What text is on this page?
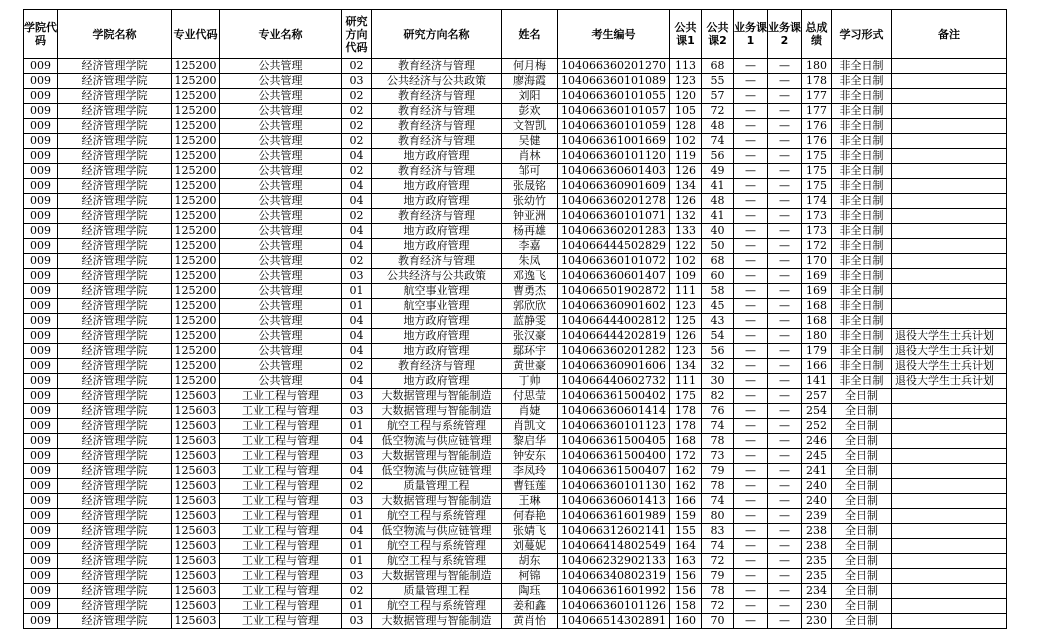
学院代码	学院名称	专业代码	专业名称	研究方向代码	研究方向名称	姓名	考生编号	公共课1	公共课2	业务课1	业务课2	总成绩	学习形式	备注
009	经济管理学院	125200	公共管理	02	教育经济与管理	何月梅	104066360201270	113	68	—	—	180	非全日制	
009	经济管理学院	125200	公共管理	03	公共经济与公共政策	廖海霞	104066360101089	123	55	—	—	178	非全日制	
009	经济管理学院	125200	公共管理	02	教育经济与管理	刘阳	104066360101055	120	57	—	—	177	非全日制	
009	经济管理学院	125200	公共管理	02	教育经济与管理	彭欢	104066360101057	105	72	—	—	177	非全日制	
009	经济管理学院	125200	公共管理	02	教育经济与管理	文智凯	104066360101059	128	48	—	—	176	非全日制	
009	经济管理学院	125200	公共管理	02	教育经济与管理	吴健	104066361001669	102	74	—	—	176	非全日制	
009	经济管理学院	125200	公共管理	04	地方政府管理	肖林	104066360101120	119	56	—	—	175	非全日制	
009	经济管理学院	125200	公共管理	02	教育经济与管理	邹可	104066360601403	126	49	—	—	175	非全日制	
009	经济管理学院	125200	公共管理	04	地方政府管理	张晟铭	104066360901609	134	41	—	—	175	非全日制	
009	经济管理学院	125200	公共管理	04	地方政府管理	张幼竹	104066360201278	126	48	—	—	174	非全日制	
009	经济管理学院	125200	公共管理	02	教育经济与管理	钟亚洲	104066360101071	132	41	—	—	173	非全日制	
009	经济管理学院	125200	公共管理	04	地方政府管理	杨再雄	104066360201283	133	40	—	—	173	非全日制	
009	经济管理学院	125200	公共管理	04	地方政府管理	李嘉	104066444502829	122	50	—	—	172	非全日制	
009	经济管理学院	125200	公共管理	02	教育经济与管理	朱凤	104066360101072	102	68	—	—	170	非全日制	
009	经济管理学院	125200	公共管理	03	公共经济与公共政策	邓逸飞	104066360601407	109	60	—	—	169	非全日制	
009	经济管理学院	125200	公共管理	01	航空事业管理	曹勇杰	104066501902872	111	58	—	—	169	非全日制	
009	经济管理学院	125200	公共管理	01	航空事业管理	郭欣欣	104066360901602	123	45	—	—	168	非全日制	
009	经济管理学院	125200	公共管理	04	地方政府管理	蓝静雯	104066444002812	125	43	—	—	168	非全日制	
009	经济管理学院	125200	公共管理	04	地方政府管理	张汉豪	104066444202819	126	54	—	—	180	非全日制	退役大学生士兵计划
009	经济管理学院	125200	公共管理	04	地方政府管理	鄢环宇	104066360201282	123	56	—	—	179	非全日制	退役大学生士兵计划
009	经济管理学院	125200	公共管理	02	教育经济与管理	黄世豪	104066360901606	134	32	—	—	166	非全日制	退役大学生士兵计划
009	经济管理学院	125200	公共管理	04	地方政府管理	丁帅	104066440602732	111	30	—	—	141	非全日制	退役大学生士兵计划
009	经济管理学院	125603	工业工程与管理	03	大数据管理与智能制造	付思莹	104066361500402	175	82	—	—	257	全日制	
009	经济管理学院	125603	工业工程与管理	03	大数据管理与智能制造	肖婕	104066360601414	178	76	—	—	254	全日制	
009	经济管理学院	125603	工业工程与管理	01	航空工程与系统管理	肖凯文	104066360101123	178	74	—	—	252	全日制	
009	经济管理学院	125603	工业工程与管理	04	低空物流与供应链管理	黎启华	104066361500405	168	78	—	—	246	全日制	
009	经济管理学院	125603	工业工程与管理	03	大数据管理与智能制造	钟安东	104066361500400	172	73	—	—	245	全日制	
009	经济管理学院	125603	工业工程与管理	04	低空物流与供应链管理	李凤玲	104066361500407	162	79	—	—	241	全日制	
009	经济管理学院	125603	工业工程与管理	02	质量管理工程	曹钰莲	104066360101130	162	78	—	—	240	全日制	
009	经济管理学院	125603	工业工程与管理	03	大数据管理与智能制造	王琳	104066360601413	166	74	—	—	240	全日制	
009	经济管理学院	125603	工业工程与管理	01	航空工程与系统管理	何春艳	104066361601989	159	80	—	—	239	全日制	
009	经济管理学院	125603	工业工程与管理	04	低空物流与供应链管理	张婧飞	104066312602141	155	83	—	—	238	全日制	
009	经济管理学院	125603	工业工程与管理	01	航空工程与系统管理	刘蔓妮	104066414802549	164	74	—	—	238	全日制	
009	经济管理学院	125603	工业工程与管理	01	航空工程与系统管理	胡东	104066232902133	163	72	—	—	235	全日制	
009	经济管理学院	125603	工业工程与管理	03	大数据管理与智能制造	柯锦	104066340802319	156	79	—	—	235	全日制	
009	经济管理学院	125603	工业工程与管理	02	质量管理工程	陶珏	104066361601992	156	78	—	—	234	全日制	
009	经济管理学院	125603	工业工程与管理	01	航空工程与系统管理	姜和鑫	104066360101126	158	72	—	—	230	全日制	
009	经济管理学院	125603	工业工程与管理	03	大数据管理与智能制造	黄肖怡	104066514302891	160	70	—	—	230	全日制	
